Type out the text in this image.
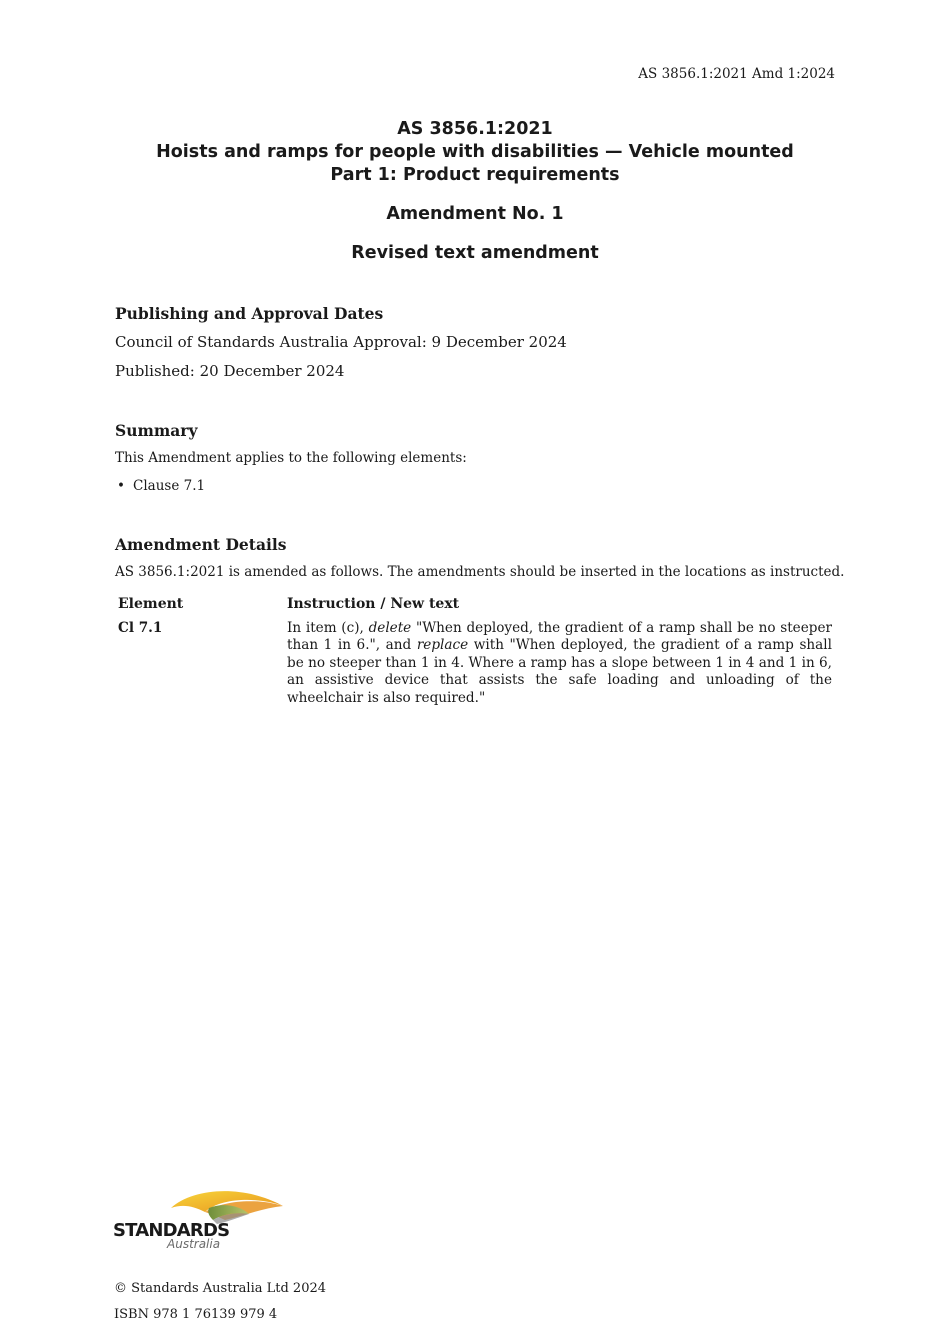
AS 3856.1:2021 Amd 1:2024
AS 3856.1:2021
Hoists and ramps for people with disabilities — Vehicle mounted
Part 1: Product requirements
Amendment No. 1
Revised text amendment
Publishing and Approval Dates
Council of Standards Australia Approval: 9 December 2024
Published: 20 December 2024
Summary
This Amendment applies to the following elements:
• Clause 7.1
Amendment Details
AS 3856.1:2021 is amended as follows. The amendments should be inserted in the locations as instructed.
Element	Instruction / New text
Cl 7.1	In item (c), delete "When deployed, the gradient of a ramp shall be no steeper than 1 in 6.", and replace with "When deployed, the gradient of a ramp shall be no steeper than 1 in 4. Where a ramp has a slope between 1 in 4 and 1 in 6, an assistive device that assists the safe loading and unloading of the wheelchair is also required."
STANDARDS
Australia
© Standards Australia Ltd 2024
ISBN 978 1 76139 979 4
